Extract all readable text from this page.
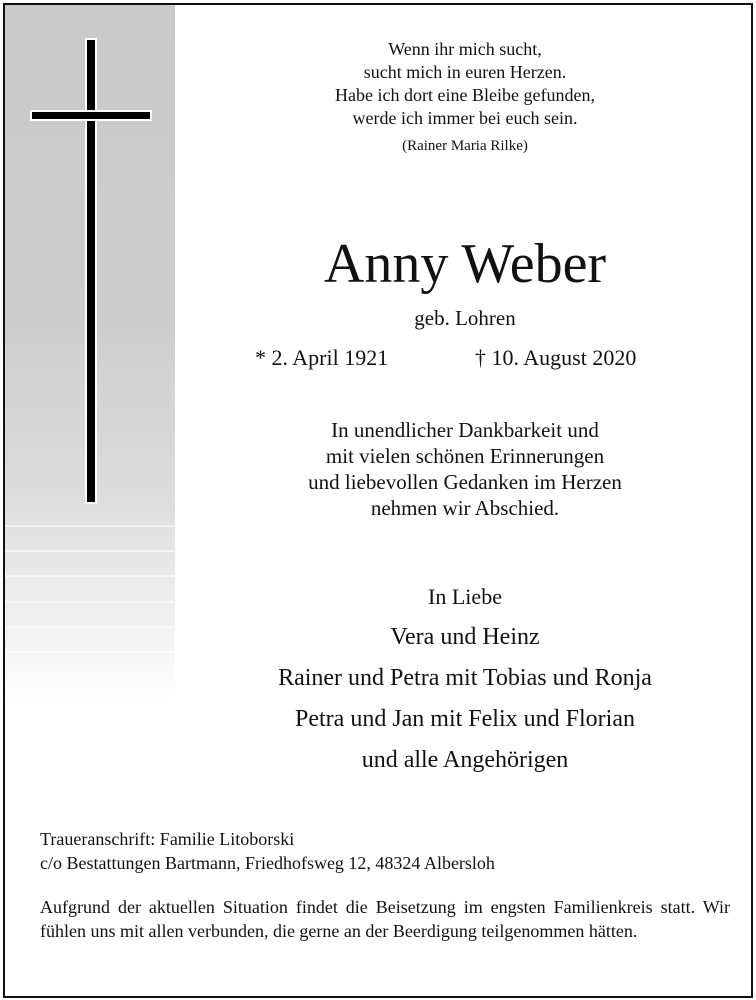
Wenn ihr mich sucht,
sucht mich in euren Herzen.
Habe ich dort eine Bleibe gefunden,
werde ich immer bei euch sein.
(Rainer Maria Rilke)
Anny Weber
geb. Lohren
* 2. April 1921	† 10. August 2020
In unendlicher Dankbarkeit und
mit vielen schönen Erinnerungen
und liebevollen Gedanken im Herzen
nehmen wir Abschied.
In Liebe
Vera und Heinz
Rainer und Petra mit Tobias und Ronja
Petra und Jan mit Felix und Florian
und alle Angehörigen
Traueranschrift: Familie Litoborski
c/o Bestattungen Bartmann, Friedhofsweg 12, 48324 Albersloh
Aufgrund der aktuellen Situation findet die Beisetzung im engsten Familienkreis statt. Wir fühlen uns mit allen verbunden, die gerne an der Beerdigung teilgenommen hätten.
